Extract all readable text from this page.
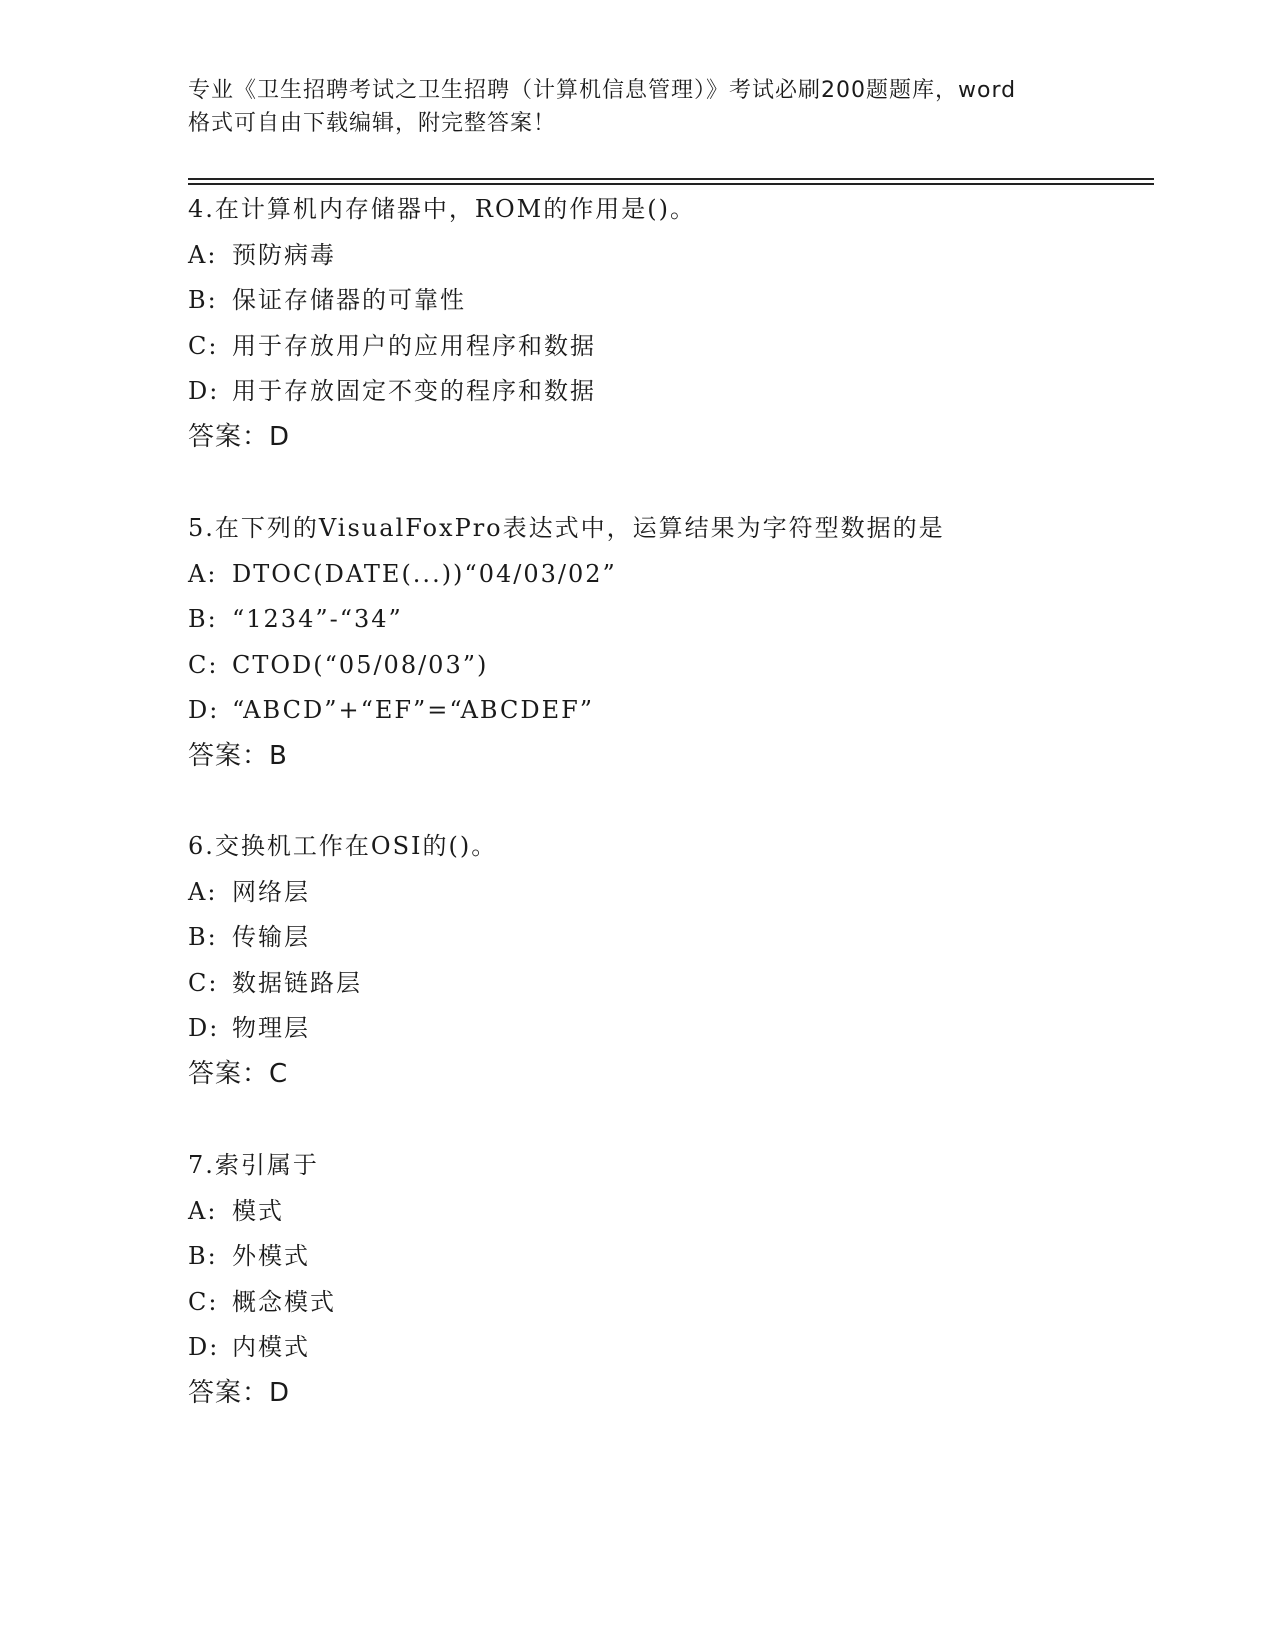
专业《卫生招聘考试之卫生招聘（计算机信息管理）》考试必刷200题题库，word
格式可自由下载编辑，附完整答案！
4.在计算机内存储器中，ROM的作用是()。
A: 预防病毒
B: 保证存储器的可靠性
C: 用于存放用户的应用程序和数据
D: 用于存放固定不变的程序和数据
答案：D
5.在下列的VisualFoxPro表达式中，运算结果为字符型数据的是
A: DTOC(DATE(...))“04/03/02”
B: “1234”-“34”
C: CTOD(“05/08/03”)
D: “ABCD”+“EF”=“ABCDEF”
答案：B
6.交换机工作在OSI的()。
A: 网络层
B: 传输层
C: 数据链路层
D: 物理层
答案：C
7.索引属于
A: 模式
B: 外模式
C: 概念模式
D: 内模式
答案：D
